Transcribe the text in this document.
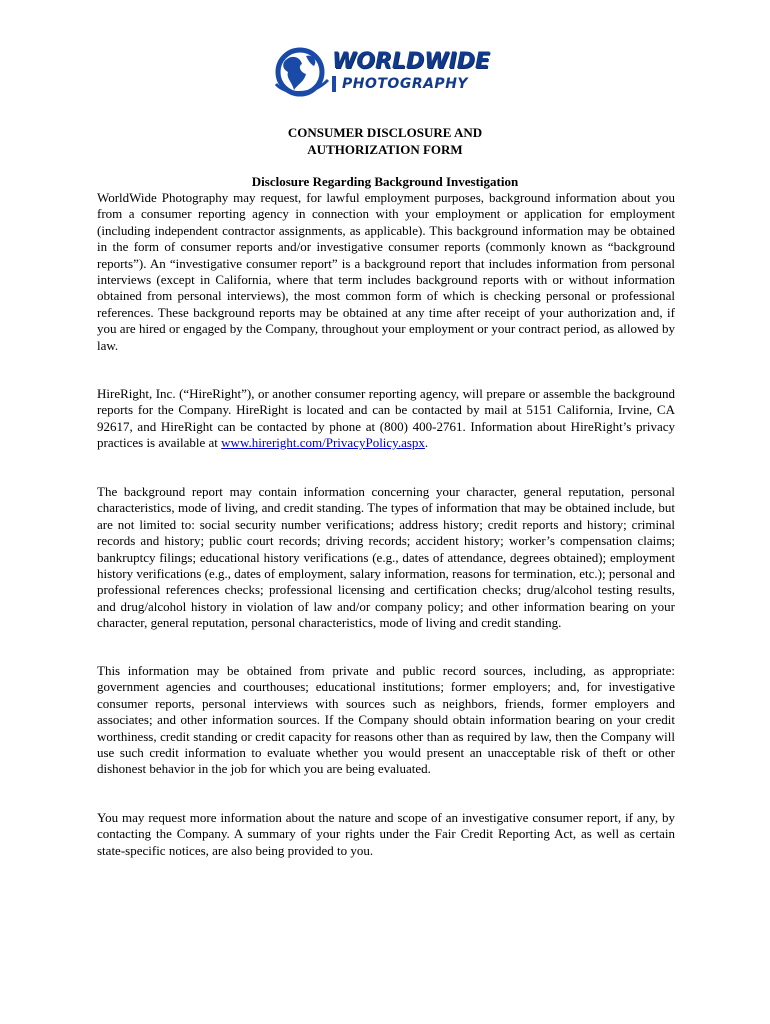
WORLDWIDE
PHOTOGRAPHY
CONSUMER DISCLOSURE AND
AUTHORIZATION FORM
Disclosure Regarding Background Investigation

WorldWide Photography may request, for lawful employment purposes, background information about you from a consumer reporting agency in connection with your employment or application for employment (including independent contractor assignments, as applicable). This background information may be obtained in the form of consumer reports and/or investigative consumer reports (commonly known as “background reports”). An “investigative consumer report” is a background report that includes information from personal interviews (except in California, where that term includes background reports with or without information obtained from personal interviews), the most common form of which is checking personal or professional references. These background reports may be obtained at any time after receipt of your authorization and, if you are hired or engaged by the Company, throughout your employment or your contract period, as allowed by law.

HireRight, Inc. (“HireRight”), or another consumer reporting agency, will prepare or assemble the background reports for the Company. HireRight is located and can be contacted by mail at 5151 California, Irvine, CA 92617, and HireRight can be contacted by phone at (800) 400-2761. Information about HireRight’s privacy practices is available at www.hireright.com/PrivacyPolicy.aspx.

The background report may contain information concerning your character, general reputation, personal characteristics, mode of living, and credit standing. The types of information that may be obtained include, but are not limited to: social security number verifications; address history; credit reports and history; criminal records and history; public court records; driving records; accident history; worker’s compensation claims; bankruptcy filings; educational history verifications (e.g., dates of attendance, degrees obtained); employment history verifications (e.g., dates of employment, salary information, reasons for termination, etc.); personal and professional references checks; professional licensing and certification checks; drug/alcohol testing results, and drug/alcohol history in violation of law and/or company policy; and other information bearing on your character, general reputation, personal characteristics, mode of living and credit standing.

This information may be obtained from private and public record sources, including, as appropriate: government agencies and courthouses; educational institutions; former employers; and, for investigative consumer reports, personal interviews with sources such as neighbors, friends, former employers and associates; and other information sources. If the Company should obtain information bearing on your credit worthiness, credit standing or credit capacity for reasons other than as required by law, then the Company will use such credit information to evaluate whether you would present an unacceptable risk of theft or other dishonest behavior in the job for which you are being evaluated.

You may request more information about the nature and scope of an investigative consumer report, if any, by contacting the Company. A summary of your rights under the Fair Credit Reporting Act, as well as certain state-specific notices, are also being provided to you.
